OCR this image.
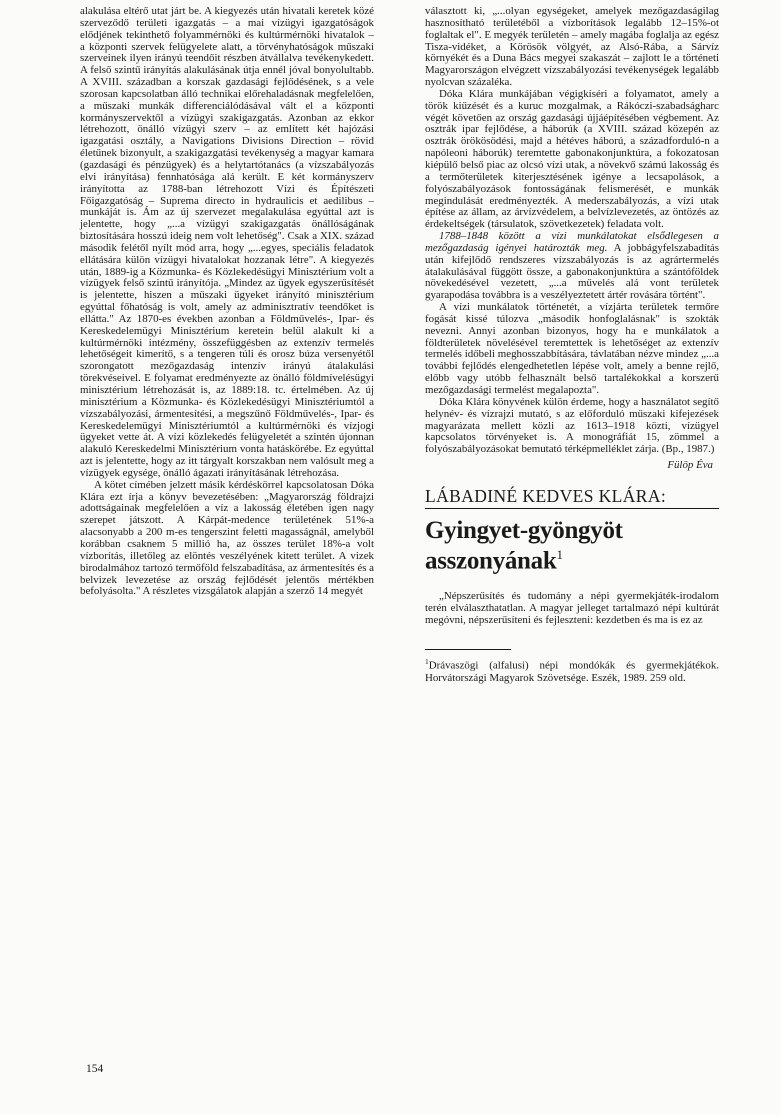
alakulása eltérő utat járt be. A kiegyezés után hivatali keretek közé szerveződő területi igazgatás – a mai vízügyi igazgatóságok elődjének tekinthető folyammérnöki és kultúrmérnöki hivatalok – a központi szervek felügyelete alatt, a törvényhatóságok műszaki szerveinek ilyen irányú teendőit részben átvállalva tevékenykedett. A felső szintű irányítás alakulásának útja ennél jóval bonyolultabb. A XVIII. században a korszak gazdasági fejlődésének, s a vele szorosan kapcsolatban álló technikai előrehaladásnak megfelelően, a műszaki munkák differenciálódásával vált el a központi kormányszervektől a vízügyi szakigazgatás. Azonban az ekkor létrehozott, önálló vízügyi szerv – az említett két hajózási igazgatási osztály, a Navigations Divisions Direction – rövid életűnek bizonyult, a szakigazgatási tevékenység a magyar kamara (gazdasági és pénzügyek) és a helytartótanács (a vízszabályozás elvi irányítása) fennhatósága alá került. E két kormányszerv irányította az 1788-ban létrehozott Vízi és Építészeti Főigazgatóság – Suprema directo in hydraulicis et aedilibus – munkáját is. Ám az új szervezet megalakulása egyúttal azt is jelentette, hogy „...a vízügyi szakigazgatás önállóságának biztosítására hosszú ideig nem volt lehetőség". Csak a XIX. század második felétől nyílt mód arra, hogy „...egyes, speciális feladatok ellátására külön vízügyi hivatalokat hozzanak létre". A kiegyezés után, 1889-ig a Közmunka- és Közlekedésügyi Minisztérium volt a vízügyek felső szintű irányítója. „Mindez az ügyek egyszerűsítését is jelentette, hiszen a műszaki ügyeket irányító minisztérium egyúttal főhatóság is volt, amely az adminisztratív teendőket is ellátta." Az 1870-es években azonban a Földművelés-, Ipar- és Kereskedelemügyi Minisztérium keretein belül alakult ki a kultúrmérnöki intézmény, összefüggésben az extenzív termelés lehetőségeit kimerítő, s a tengeren túli és orosz búza versenyétől szorongatott mezőgazdaság intenzív irányú átalakulási törekvéseivel. E folyamat eredményezte az önálló földmívelésügyi minisztérium létrehozását is, az 1889:18. tc. értelmében. Az új minisztérium a Közmunka- és Közlekedésügyi Minisztériumtól a vízszabályozási, ármentesítési, a megszűnő Földművelés-, Ipar- és Kereskedelemügyi Minisztériumtól a kultúrmérnöki és vízjogi ügyeket vette át. A vízi közlekedés felügyeletét a szintén újonnan alakuló Kereskedelmi Minisztérium vonta hatáskörébe. Ez egyúttal azt is jelentette, hogy az itt tárgyalt korszakban nem valósult meg a vízügyek egysége, önálló ágazati irányításának létrehozása.

A kötet címében jelzett másik kérdéskörrel kapcsolatosan Dóka Klára ezt írja a könyv bevezetésében: „Magyarország földrajzi adottságainak megfelelően a víz a lakosság életében igen nagy szerepet játszott. A Kárpát-medence területének 51%-a alacsonyabb a 200 m-es tengerszint feletti magasságnál, amelyből korábban csaknem 5 millió ha, az összes terület 18%-a volt vízborítás, illetőleg az elöntés veszélyének kitett terület. A vizek birodalmához tartozó termőföld felszabadítása, az ármentesítés és a belvizek levezetése az ország fejlődését jelentős mértékben befolyásolta." A részletes vizsgálatok alapján a szerző 14 megyét

választott ki, „...olyan egységeket, amelyek mezőgazdaságilag hasznosítható területéből a vízborítások legalább 12–15%-ot foglaltak el". E megyék területén – amely magába foglalja az egész Tisza-vidéket, a Körösök völgyét, az Alsó-Rába, a Sárvíz környékét és a Duna Bács megyei szakaszát – zajlott le a történeti Magyarországon elvégzett vízszabályozási tevékenységek legalább nyolcvan százaléka.

Dóka Klára munkájában végigkíséri a folyamatot, amely a török kiűzését és a kuruc mozgalmak, a Rákóczi-szabadságharc végét követően az ország gazdasági újjáépítésében végbement. Az osztrák ipar fejlődése, a háborúk (a XVIII. század közepén az osztrák örökösödési, majd a hétéves háború, a századforduló-n a napóleoni háborúk) teremtette gabonakonjunktúra, a fokozatosan kiépülő belső piac az olcsó vízi utak, a növekvő számú lakosság és a termőterületek kiterjesztésének igénye a lecsapolások, a folyószabályozások fontosságának felismerését, e munkák megindulását eredményezték. A mederszabályozás, a vízi utak építése az állam, az árvízvédelem, a belvízlevezetés, az öntözés az érdekeltségek (társulatok, szövetkezetek) feladata volt.

1788–1848 között a vízi munkálatokat elsődlegesen a mezőgazdaság igényei határozták meg. A jobbágyfelszabadítás után kifejlődő rendszeres vízszabályozás is az agrártermelés átalakulásával függött össze, a gabonakonjunktúra a szántóföldek növekedésével vezetett, „...a művelés alá vont területek gyarapodása továbbra is a veszélyeztetett ártér rovására történt".

A vízi munkálatok történetét, a vízjárta területek termőre fogását kissé túlozva „második honfoglalásnak" is szokták nevezni. Annyi azonban bizonyos, hogy ha e munkálatok a földterületek növelésével teremtettek is lehetőséget az extenzív termelés időbeli meghosszabbítására, távlatában nézve mindez „...a további fejlődés elengedhetetlen lépése volt, amely a benne rejlő, előbb vagy utóbb felhasznált belső tartalékokkal a korszerű mezőgazdasági termelést megalapozta".

Dóka Klára könyvének külön érdeme, hogy a használatot segítő helynév- és vízrajzi mutató, s az előforduló műszaki kifejezések magyarázata mellett közli az 1613–1918 közti, vízügyel kapcsolatos törvényeket is. A monográfiát 15, zömmel a folyószabályozásokat bemutató térképmelléklet zárja. (Bp., 1987.)

Fülöp Éva

LÁBADINÉ KEDVES KLÁRA:

Gyingyet-gyöngyöt
asszonyának$^1$

„Népszerűsítés és tudomány a népi gyermekjáték-irodalom terén elválaszthatatlan. A magyar jelleget tartalmazó népi kultúrát megóvni, népszerűsíteni és fejleszteni: kezdetben és ma is ez az

$^1$Drávaszögi (alfalusi) népi mondókák és gyermekjátékok. Horvátországi Magyarok Szövetsége. Eszék, 1989. 259 old.

154
